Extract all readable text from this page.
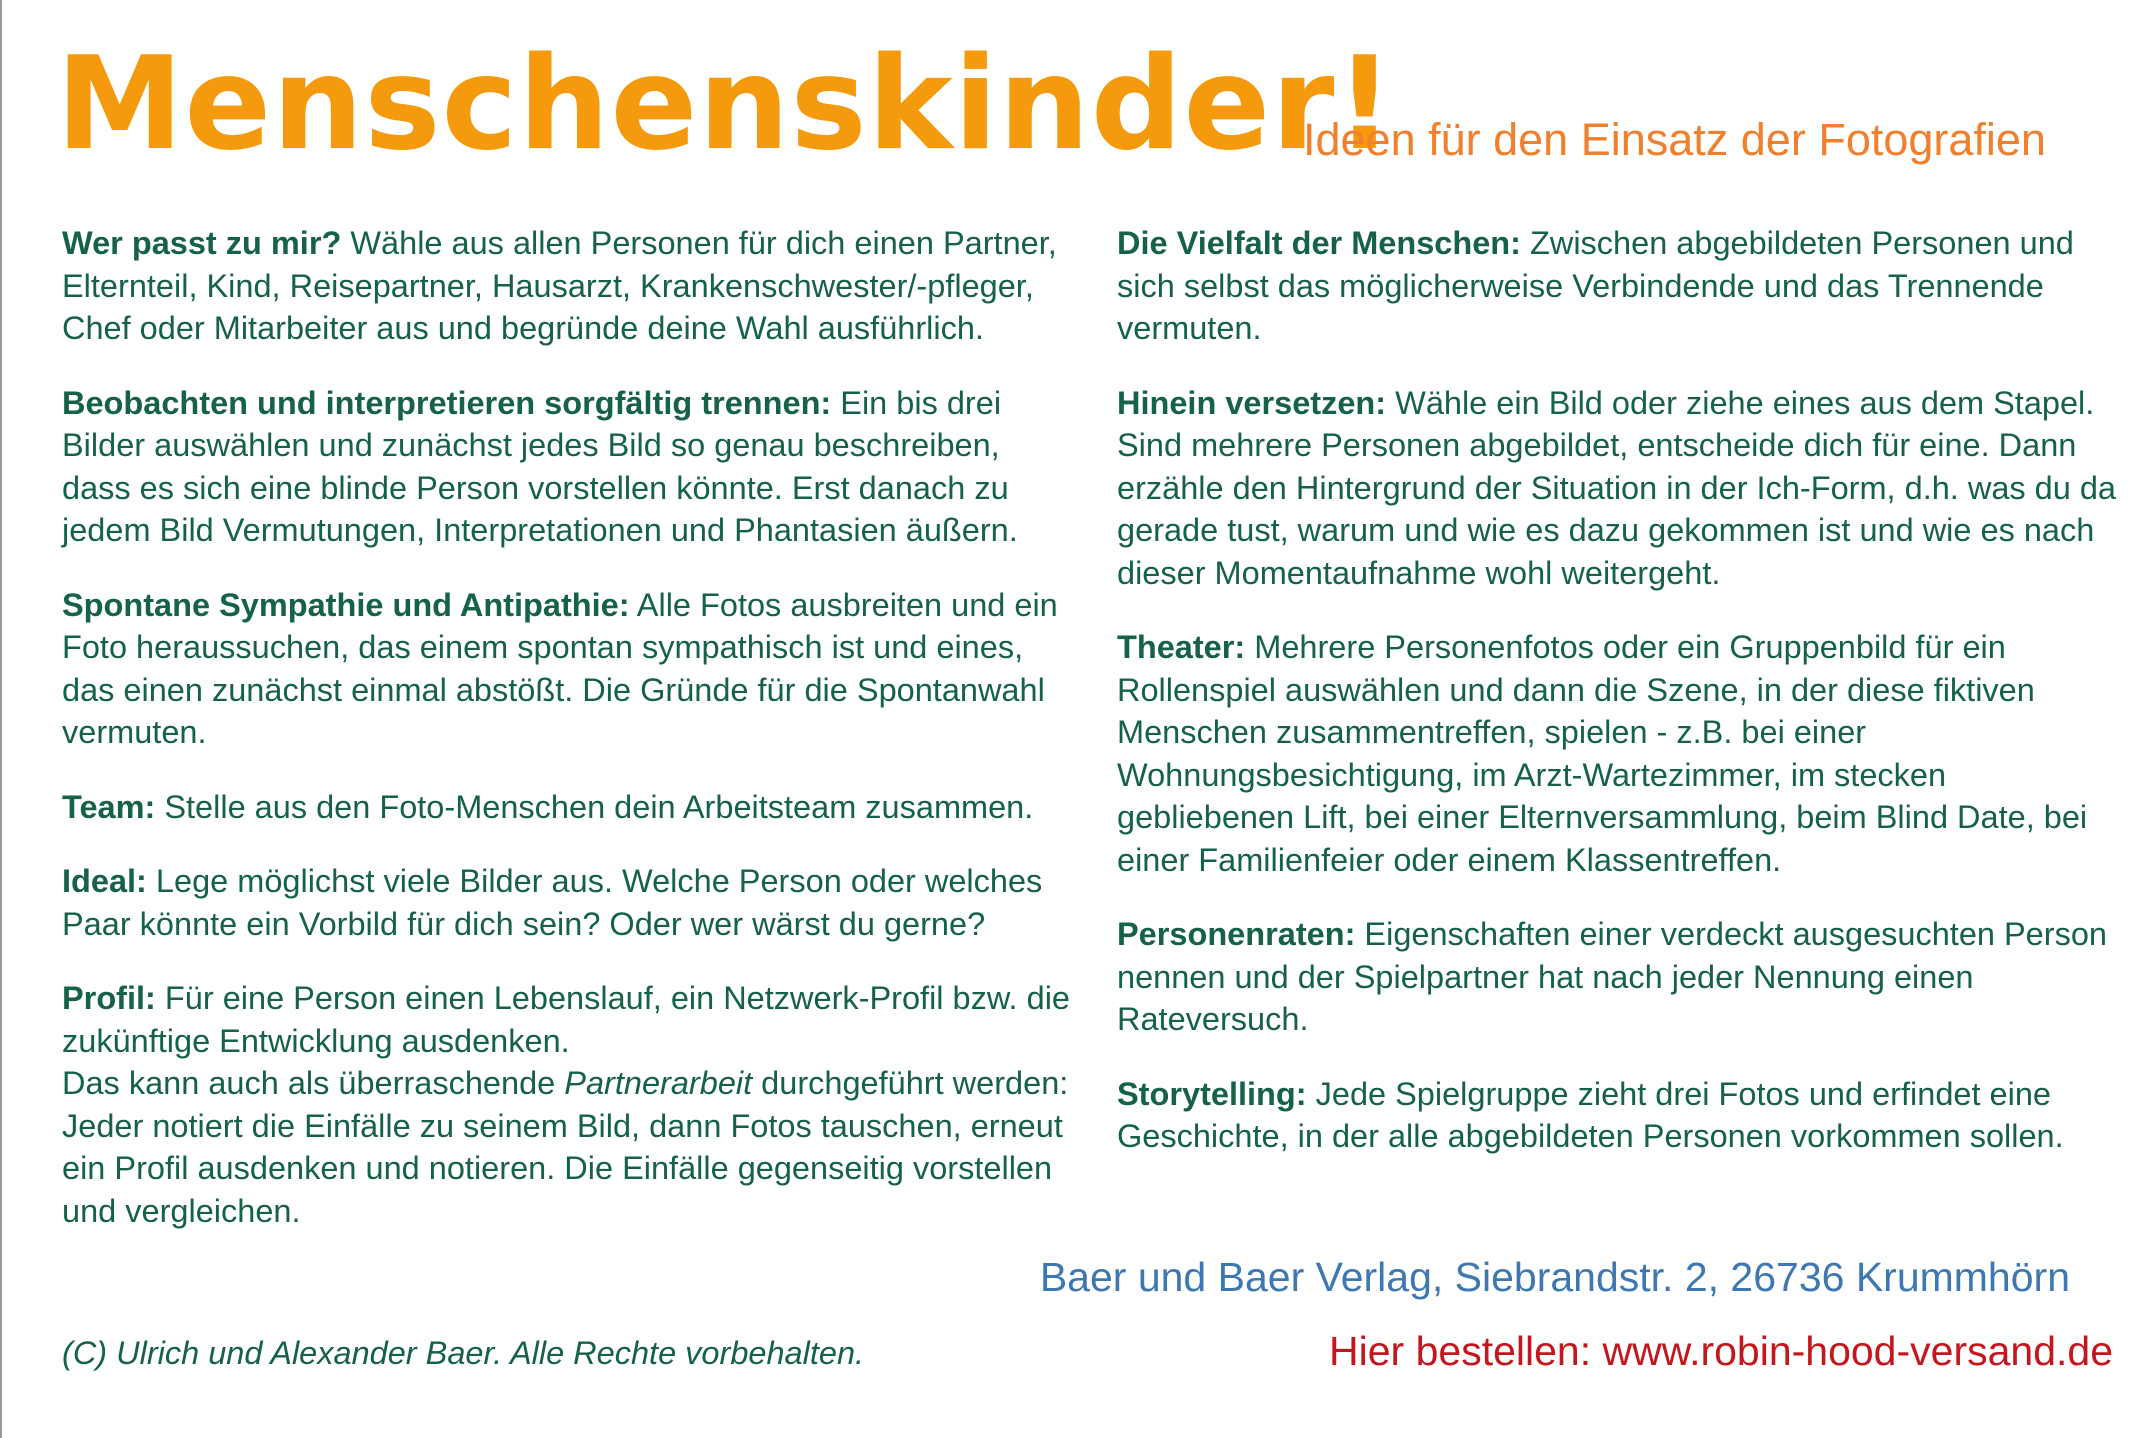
Menschenskinder!
Ideen für den Einsatz der Fotografien

Wer passt zu mir? Wähle aus allen Personen für dich einen Partner, Elternteil, Kind, Reisepartner, Hausarzt, Krankenschwester/-pfleger, Chef oder Mitarbeiter aus und begründe deine Wahl ausführlich.

Beobachten und interpretieren sorgfältig trennen: Ein bis drei Bilder auswählen und zunächst jedes Bild so genau beschreiben, dass es sich eine blinde Person vorstellen könnte. Erst danach zu jedem Bild Vermutungen, Interpretationen und Phantasien äußern.

Spontane Sympathie und Antipathie: Alle Fotos ausbreiten und ein Foto heraussuchen, das einem spontan sympathisch ist und eines, das einen zunächst einmal abstößt. Die Gründe für die Spontanwahl vermuten.

Team: Stelle aus den Foto-Menschen dein Arbeitsteam zusammen.

Ideal: Lege möglichst viele Bilder aus. Welche Person oder welches Paar könnte ein Vorbild für dich sein? Oder wer wärst du gerne?

Profil: Für eine Person einen Lebenslauf, ein Netzwerk-Profil bzw. die zukünftige Entwicklung ausdenken.
Das kann auch als überraschende Partnerarbeit durchgeführt werden: Jeder notiert die Einfälle zu seinem Bild, dann Fotos tauschen, erneut ein Profil ausdenken und notieren. Die Einfälle gegenseitig vorstellen und vergleichen.

Die Vielfalt der Menschen: Zwischen abgebildeten Personen und sich selbst das möglicherweise Verbindende und das Trennende vermuten.

Hinein versetzen: Wähle ein Bild oder ziehe eines aus dem Stapel. Sind mehrere Personen abgebildet, entscheide dich für eine. Dann erzähle den Hintergrund der Situation in der Ich-Form, d.h. was du da gerade tust, warum und wie es dazu gekommen ist und wie es nach dieser Momentaufnahme wohl weitergeht.

Theater: Mehrere Personenfotos oder ein Gruppenbild für ein Rollenspiel auswählen und dann die Szene, in der diese fiktiven Menschen zusammentreffen, spielen - z.B. bei einer Wohnungsbesichtigung, im Arzt-Wartezimmer, im stecken gebliebenen Lift, bei einer Elternversammlung, beim Blind Date, bei einer Familienfeier oder einem Klassentreffen.

Personenraten: Eigenschaften einer verdeckt ausgesuchten Person nennen und der Spielpartner hat nach jeder Nennung einen Rateversuch.

Storytelling: Jede Spielgruppe zieht drei Fotos und erfindet eine Geschichte, in der alle abgebildeten Personen vorkommen sollen.

Baer und Baer Verlag, Siebrandstr. 2, 26736 Krummhörn
(C) Ulrich und Alexander Baer. Alle Rechte vorbehalten.	Hier bestellen: www.robin-hood-versand.de
